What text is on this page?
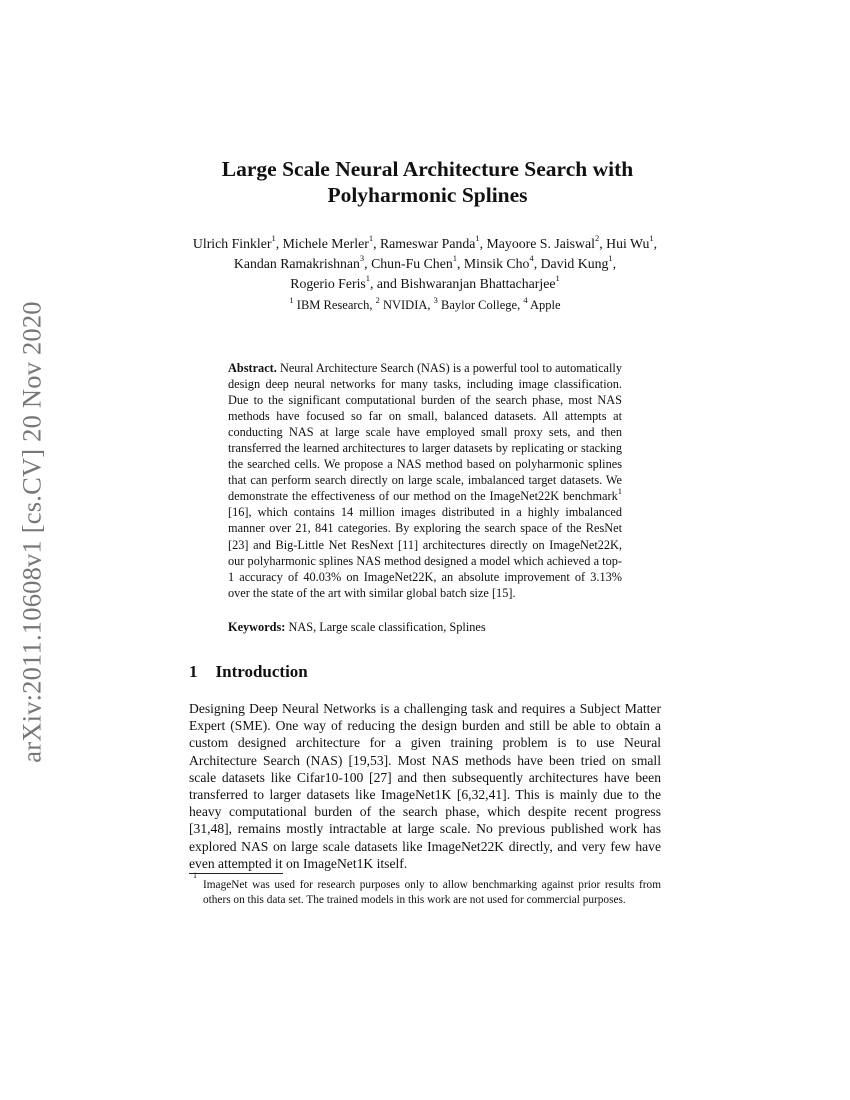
arXiv:2011.10608v1 [cs.CV] 20 Nov 2020
Large Scale Neural Architecture Search with
Polyharmonic Splines

Ulrich Finkler$^1$, Michele Merler$^1$, Rameswar Panda$^1$, Mayoore S. Jaiswal$^2$, Hui Wu$^1$, Kandan Ramakrishnan$^3$, Chun-Fu Chen$^1$, Minsik Cho$^4$, David Kung$^1$,
Rogerio Feris$^1$, and Bishwaranjan Bhattacharjee$^1$

$^1$ IBM Research, $^2$ NVIDIA, $^3$ Baylor College, $^4$ Apple

Abstract. Neural Architecture Search (NAS) is a powerful tool to automatically design deep neural networks for many tasks, including image classification. Due to the significant computational burden of the search phase, most NAS methods have focused so far on small, balanced datasets. All attempts at conducting NAS at large scale have employed small proxy sets, and then transferred the learned architectures to larger datasets by replicating or stacking the searched cells. We propose a NAS method based on polyharmonic splines that can perform search directly on large scale, imbalanced target datasets. We demonstrate the effectiveness of our method on the ImageNet22K benchmark$^1$ [16], which contains 14 million images distributed in a highly imbalanced manner over 21, 841 categories. By exploring the search space of the ResNet [23] and Big-Little Net ResNext [11] architectures directly on ImageNet22K, our polyharmonic splines NAS method designed a model which achieved a top-1 accuracy of 40.03% on ImageNet22K, an absolute improvement of 3.13% over the state of the art with similar global batch size [15].

Keywords: NAS, Large scale classification, Splines

1 Introduction

Designing Deep Neural Networks is a challenging task and requires a Subject Matter Expert (SME). One way of reducing the design burden and still be able to obtain a custom designed architecture for a given training problem is to use Neural Architecture Search (NAS) [19,53]. Most NAS methods have been tried on small scale datasets like Cifar10-100 [27] and then subsequently architectures have been transferred to larger datasets like ImageNet1K [6,32,41]. This is mainly due to the heavy computational burden of the search phase, which despite recent progress [31,48], remains mostly intractable at large scale. No previous published work has explored NAS on large scale datasets like ImageNet22K directly, and very few have even attempted it on ImageNet1K itself.

1
ImageNet was used for research purposes only to allow benchmarking against prior results from others on this data set. The trained models in this work are not used for commercial purposes.
